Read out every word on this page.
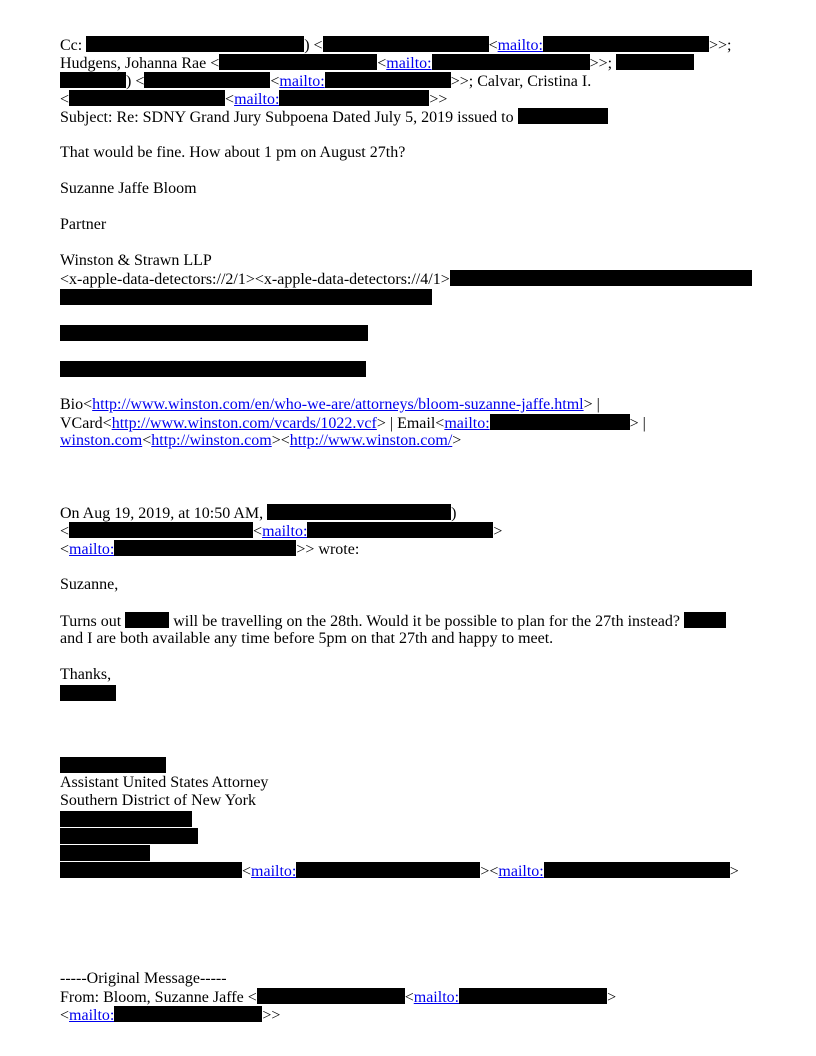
Cc:	) <	<mailto:	>>;
Hudgens, Johanna Rae <	<mailto:	>>;
) <	<mailto:	>>; Calvar, Cristina I.
<	<mailto:	>>
Subject: Re: SDNY Grand Jury Subpoena Dated July 5, 2019 issued to
That would be fine. How about 1 pm on August 27th?
Suzanne Jaffe Bloom
Partner
Winston & Strawn LLP
<x-apple-data-detectors://2/1><x-apple-data-detectors://4/1>
Bio<http://www.winston.com/en/who-we-are/attorneys/bloom-suzanne-jaffe.html> |
VCard<http://www.winston.com/vcards/1022.vcf> | Email<mailto:	> |
winston.com<http://winston.com><http://www.winston.com/>
On Aug 19, 2019, at 10:50 AM,	)
<	<mailto:	>
<mailto:	>> wrote:
Suzanne,
Turns out	will be travelling on the 28th. Would it be possible to plan for the 27th instead?
and I are both available any time before 5pm on that 27th and happy to meet.
Thanks,
Assistant United States Attorney
Southern District of New York
<mailto:	><mailto:	>
-----Original Message-----
From: Bloom, Suzanne Jaffe <	<mailto:	>
<mailto:	>>
